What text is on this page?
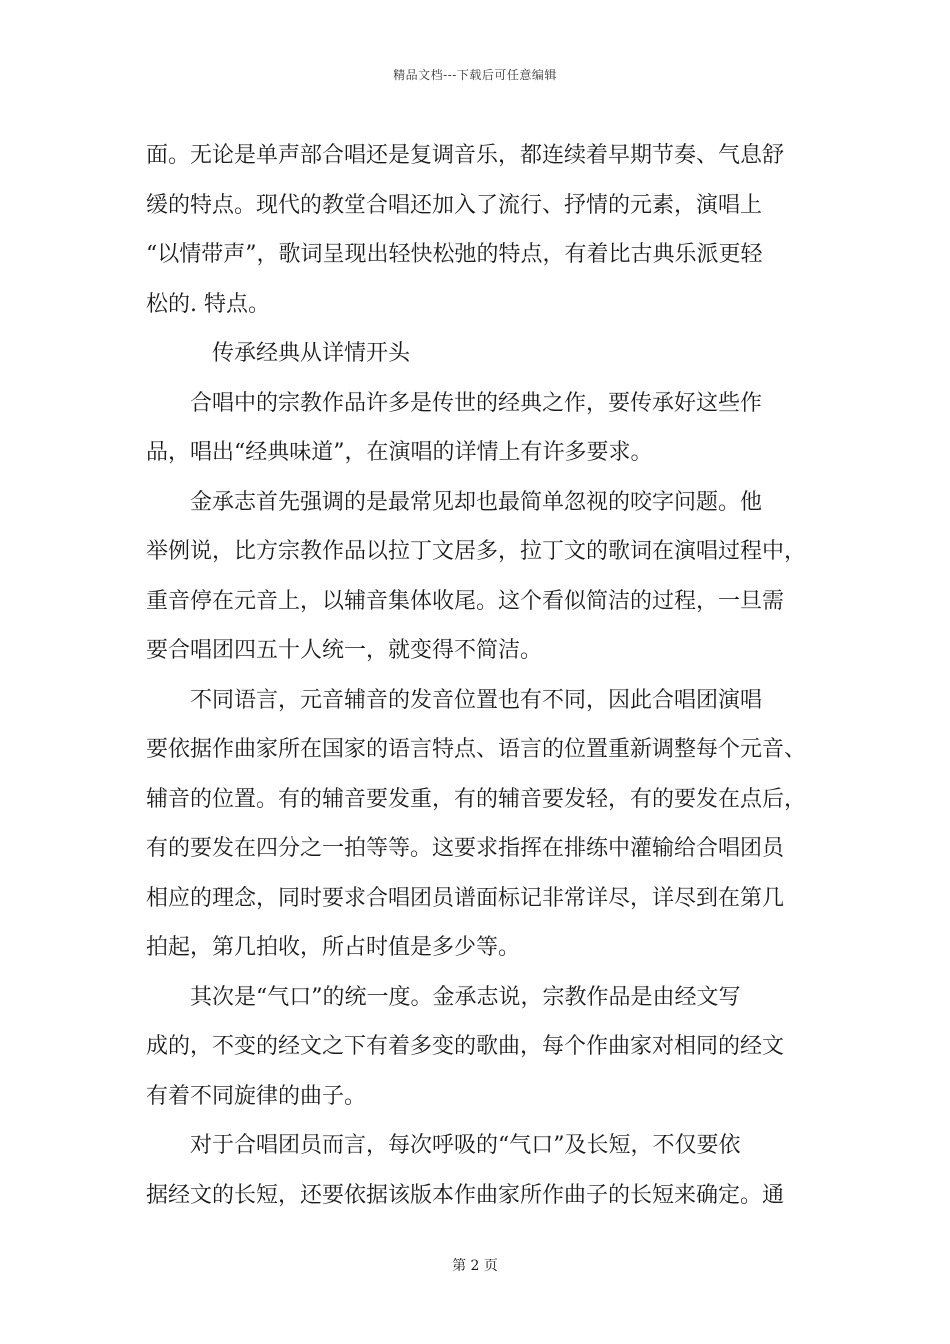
精品文档---下载后可任意编辑

面。无论是单声部合唱还是复调音乐，都连续着早期节奏、气息舒
缓的特点。现代的教堂合唱还加入了流行、抒情的元素，演唱上
“以情带声”，歌词呈现出轻快松弛的特点，有着比古典乐派更轻
松的. 特点。

传承经典从详情开头

合唱中的宗教作品许多是传世的经典之作，要传承好这些作
品，唱出“经典味道”，在演唱的详情上有许多要求。

金承志首先强调的是最常见却也最简单忽视的咬字问题。他
举例说，比方宗教作品以拉丁文居多，拉丁文的歌词在演唱过程中，
重音停在元音上，以辅音集体收尾。这个看似简洁的过程，一旦需
要合唱团四五十人统一，就变得不简洁。

不同语言，元音辅音的发音位置也有不同，因此合唱团演唱
要依据作曲家所在国家的语言特点、语言的位置重新调整每个元音、
辅音的位置。有的辅音要发重，有的辅音要发轻，有的要发在点后，
有的要发在四分之一拍等等。这要求指挥在排练中灌输给合唱团员
相应的理念，同时要求合唱团员谱面标记非常详尽，详尽到在第几
拍起，第几拍收，所占时值是多少等。

其次是“气口”的统一度。金承志说，宗教作品是由经文写
成的，不变的经文之下有着多变的歌曲，每个作曲家对相同的经文
有着不同旋律的曲子。

对于合唱团员而言，每次呼吸的“气口”及长短，不仅要依
据经文的长短，还要依据该版本作曲家所作曲子的长短来确定。通

第 2 页
